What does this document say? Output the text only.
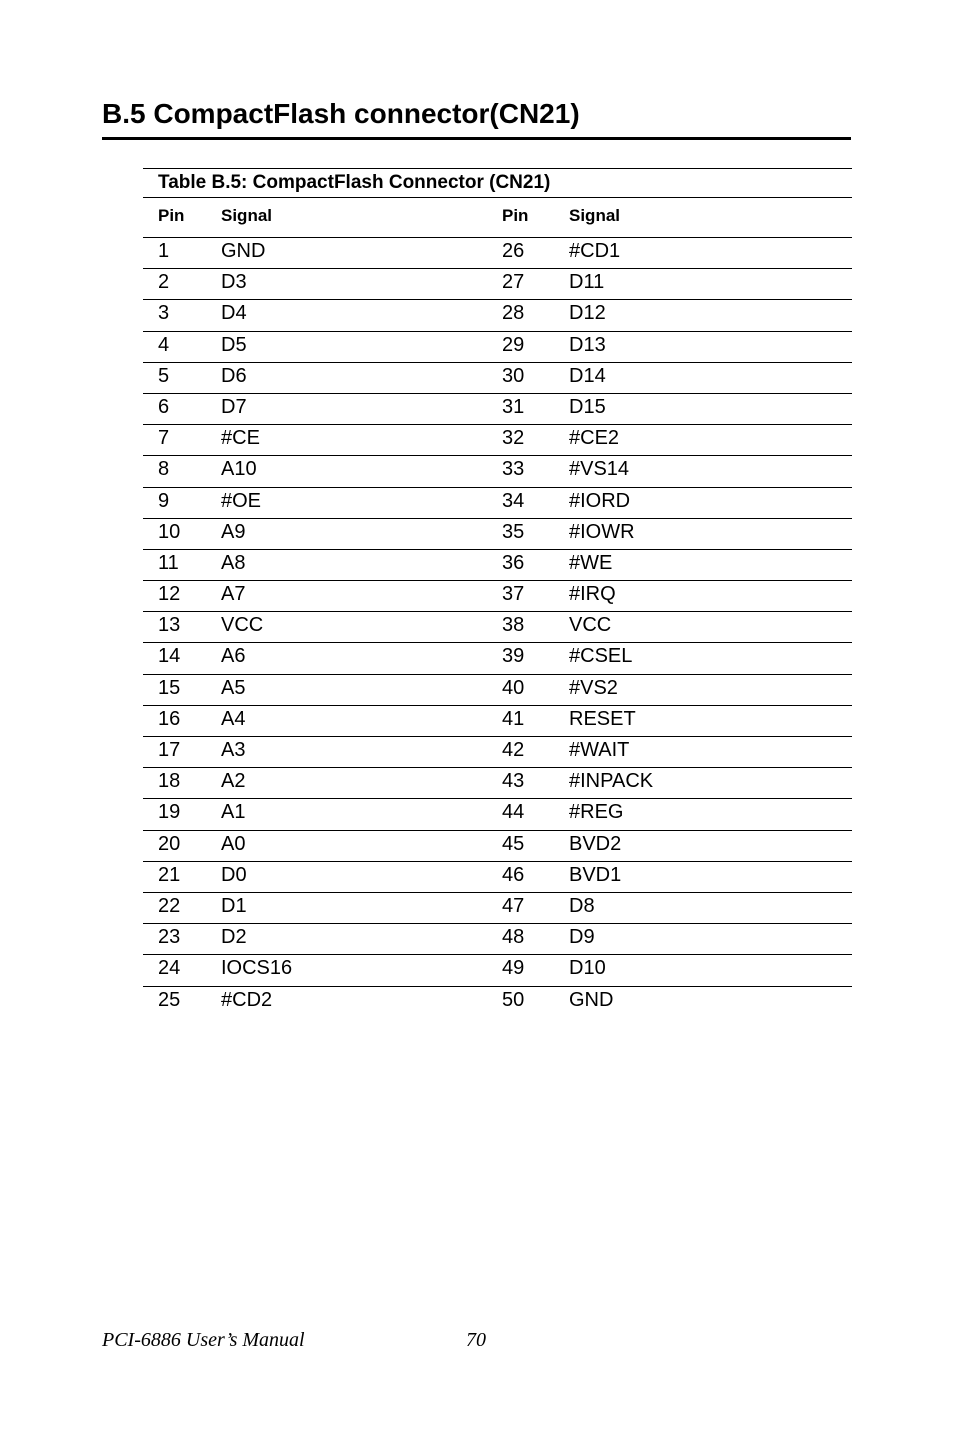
B.5 CompactFlash connector(CN21)
Table B.5: CompactFlash Connector (CN21)
Pin Signal	Pin Signal
1	GND	26 #CD1
2	D3	27 D11
3	D4	28 D12
4	D5	29 D13
5	D6	30 D14
6	D7	31 D15
7	#CE	32 #CE2
8	A10	33 #VS14
9	#OE	34 #IORD
10 A9	35 #IOWR
11 A8	36 #WE
12 A7	37 #IRQ
13 VCC	38 VCC
14 A6	39 #CSEL
15 A5	40 #VS2
16 A4	41 RESET
17 A3	42 #WAIT
18 A2	43 #INPACK
19 A1	44 #REG
20 A0	45 BVD2
21 D0	46 BVD1
22 D1	47 D8
23 D2	48 D9
24 IOCS16	49 D10
25 #CD2	50 GND
PCI-6886 User’s Manual	70
